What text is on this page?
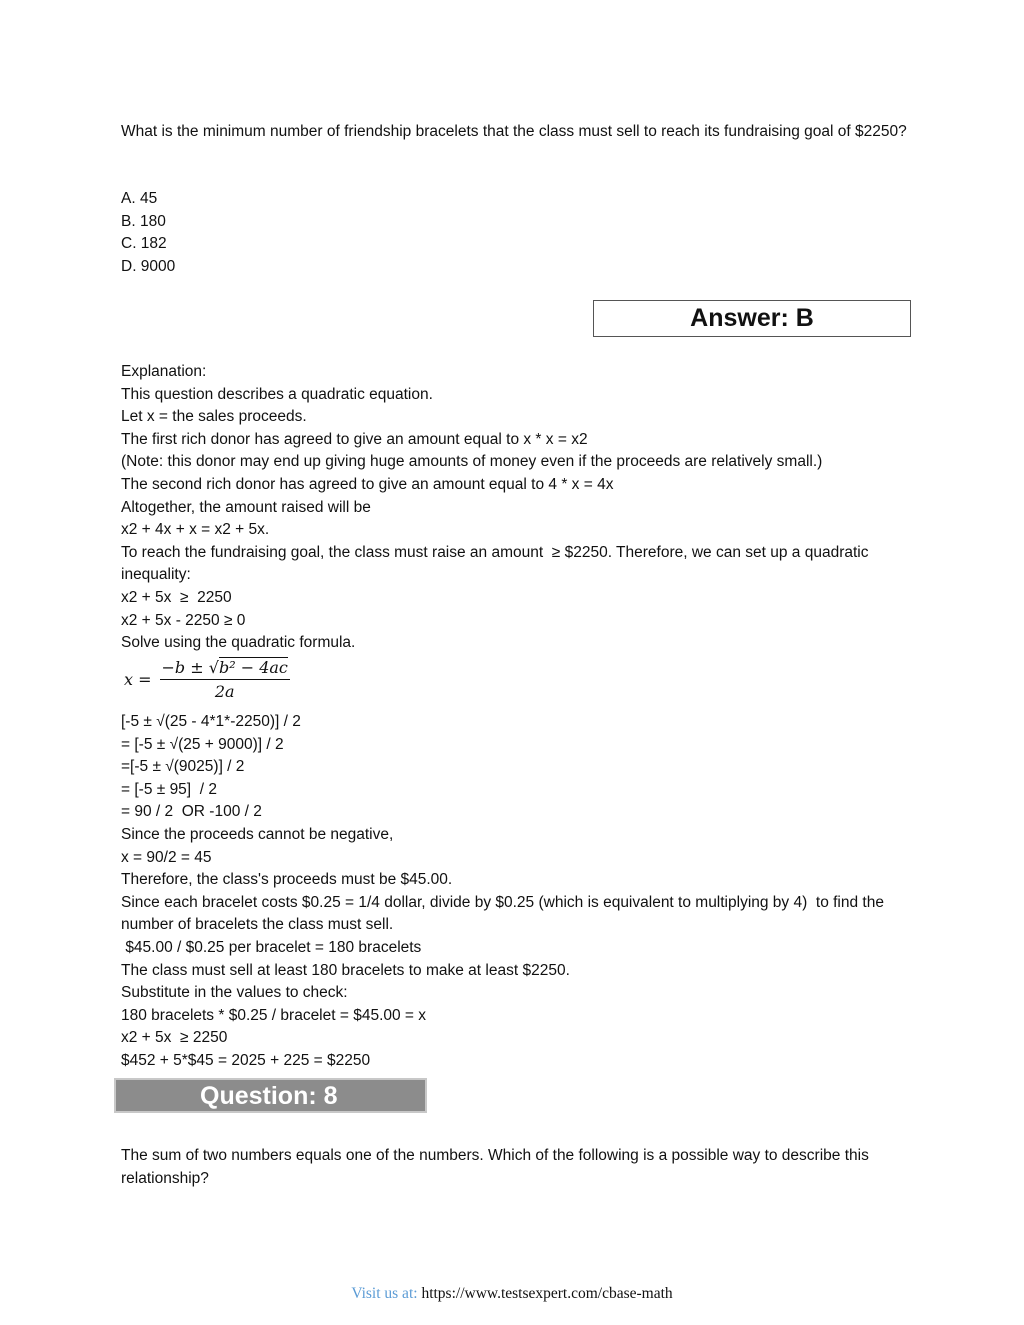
What is the minimum number of friendship bracelets that the class must sell to reach its fundraising goal of $2250?

A. 45

B. 180

C. 182

D. 9000

Answer: B

Explanation:

This question describes a quadratic equation.

Let x = the sales proceeds.

The first rich donor has agreed to give an amount equal to x * x = x2

(Note: this donor may end up giving huge amounts of money even if the proceeds are relatively small.)

The second rich donor has agreed to give an amount equal to 4 * x = 4x

Altogether, the amount raised will be

x2 + 4x + x = x2 + 5x.

To reach the fundraising goal, the class must raise an amount  ≥ $2250. Therefore, we can set up a quadratic inequality:

x2 + 5x  ≥  2250

x2 + 5x - 2250 ≥ 0

Solve using the quadratic formula.

$x = \frac{\text{−b ± √b² − 4ac}}{2a}$

[-5 ± √(25 - 4*1*-2250)] / 2

= [-5 ± √(25 + 9000)] / 2

=[-5 ± √(9025)] / 2

= [-5 ± 95]  / 2

= 90 / 2  OR -100 / 2

Since the proceeds cannot be negative,

x = 90/2 = 45

Therefore, the class's proceeds must be $45.00.

Since each bracelet costs $0.25 = 1/4 dollar, divide by $0.25 (which is equivalent to multiplying by 4)  to find the number of bracelets the class must sell.

$45.00 / $0.25 per bracelet = 180 bracelets

The class must sell at least 180 bracelets to make at least $2250.

Substitute in the values to check:

180 bracelets * $0.25 / bracelet = $45.00 = x

x2 + 5x  ≥ 2250

$452 + 5*$45 = 2025 + 225 = $2250

Question: 8

The sum of two numbers equals one of the numbers. Which of the following is a possible way to describe this relationship?

Visit us at: https://www.testsexpert.com/cbase-math
